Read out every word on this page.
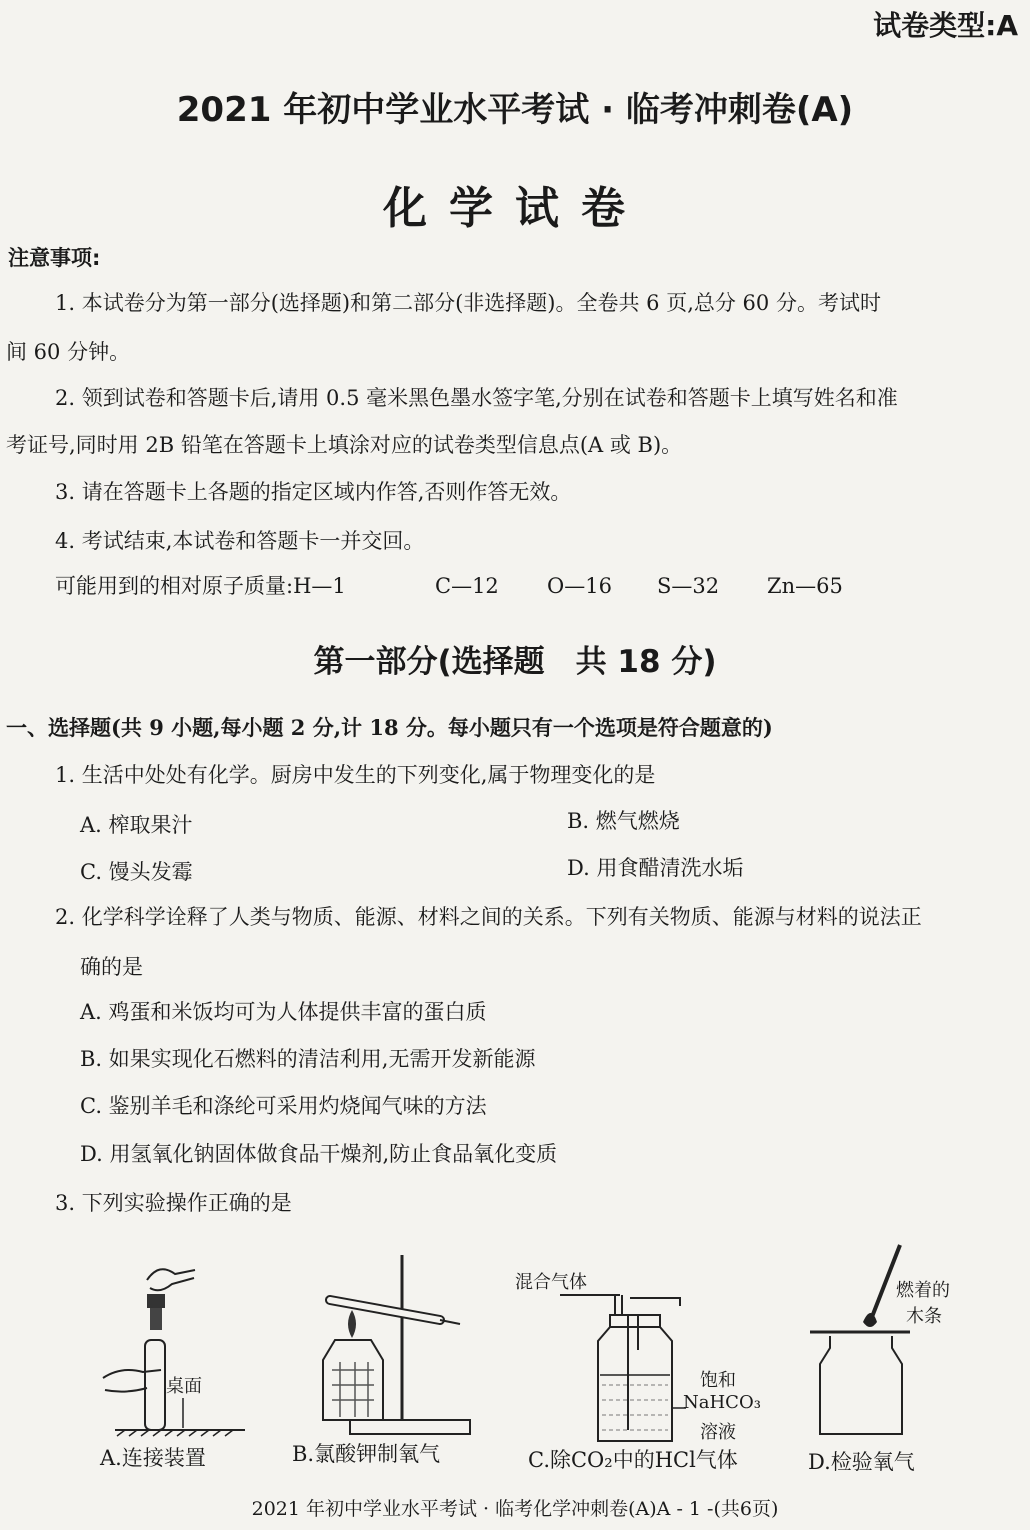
试卷类型:A
2021 年初中学业水平考试 · 临考冲刺卷(A)
化学试卷
注意事项:
1. 本试卷分为第一部分(选择题)和第二部分(非选择题)。全卷共 6 页,总分 60 分。考试时
间 60 分钟。
2. 领到试卷和答题卡后,请用 0.5 毫米黑色墨水签字笔,分别在试卷和答题卡上填写姓名和准
考证号,同时用 2B 铅笔在答题卡上填涂对应的试卷类型信息点(A 或 B)。
3. 请在答题卡上各题的指定区域内作答,否则作答无效。
4. 考试结束,本试卷和答题卡一并交回。
可能用到的相对原子质量:H—1	C—12 O—16 S—32 Zn—65
第一部分(选择题　共 18 分)
一、选择题(共 9 小题,每小题 2 分,计 18 分。每小题只有一个选项是符合题意的)
1. 生活中处处有化学。厨房中发生的下列变化,属于物理变化的是
A. 榨取果汁	B. 燃气燃烧
C. 馒头发霉	D. 用食醋清洗水垢
2. 化学科学诠释了人类与物质、能源、材料之间的关系。下列有关物质、能源与材料的说法正
确的是
A. 鸡蛋和米饭均可为人体提供丰富的蛋白质
B. 如果实现化石燃料的清洁利用,无需开发新能源
C. 鉴别羊毛和涤纶可采用灼烧闻气味的方法
D. 用氢氧化钠固体做食品干燥剂,防止食品氧化变质
3. 下列实验操作正确的是
桌面
A.连接装置	B.氯酸钾制氧气
混合气体
饱和
NaHCO₃
溶液
C.除CO₂中的HCl气体
燃着的
木条
D.检验氧气
2021 年初中学业水平考试 · 临考化学冲刺卷(A)A - 1 -(共6页)
